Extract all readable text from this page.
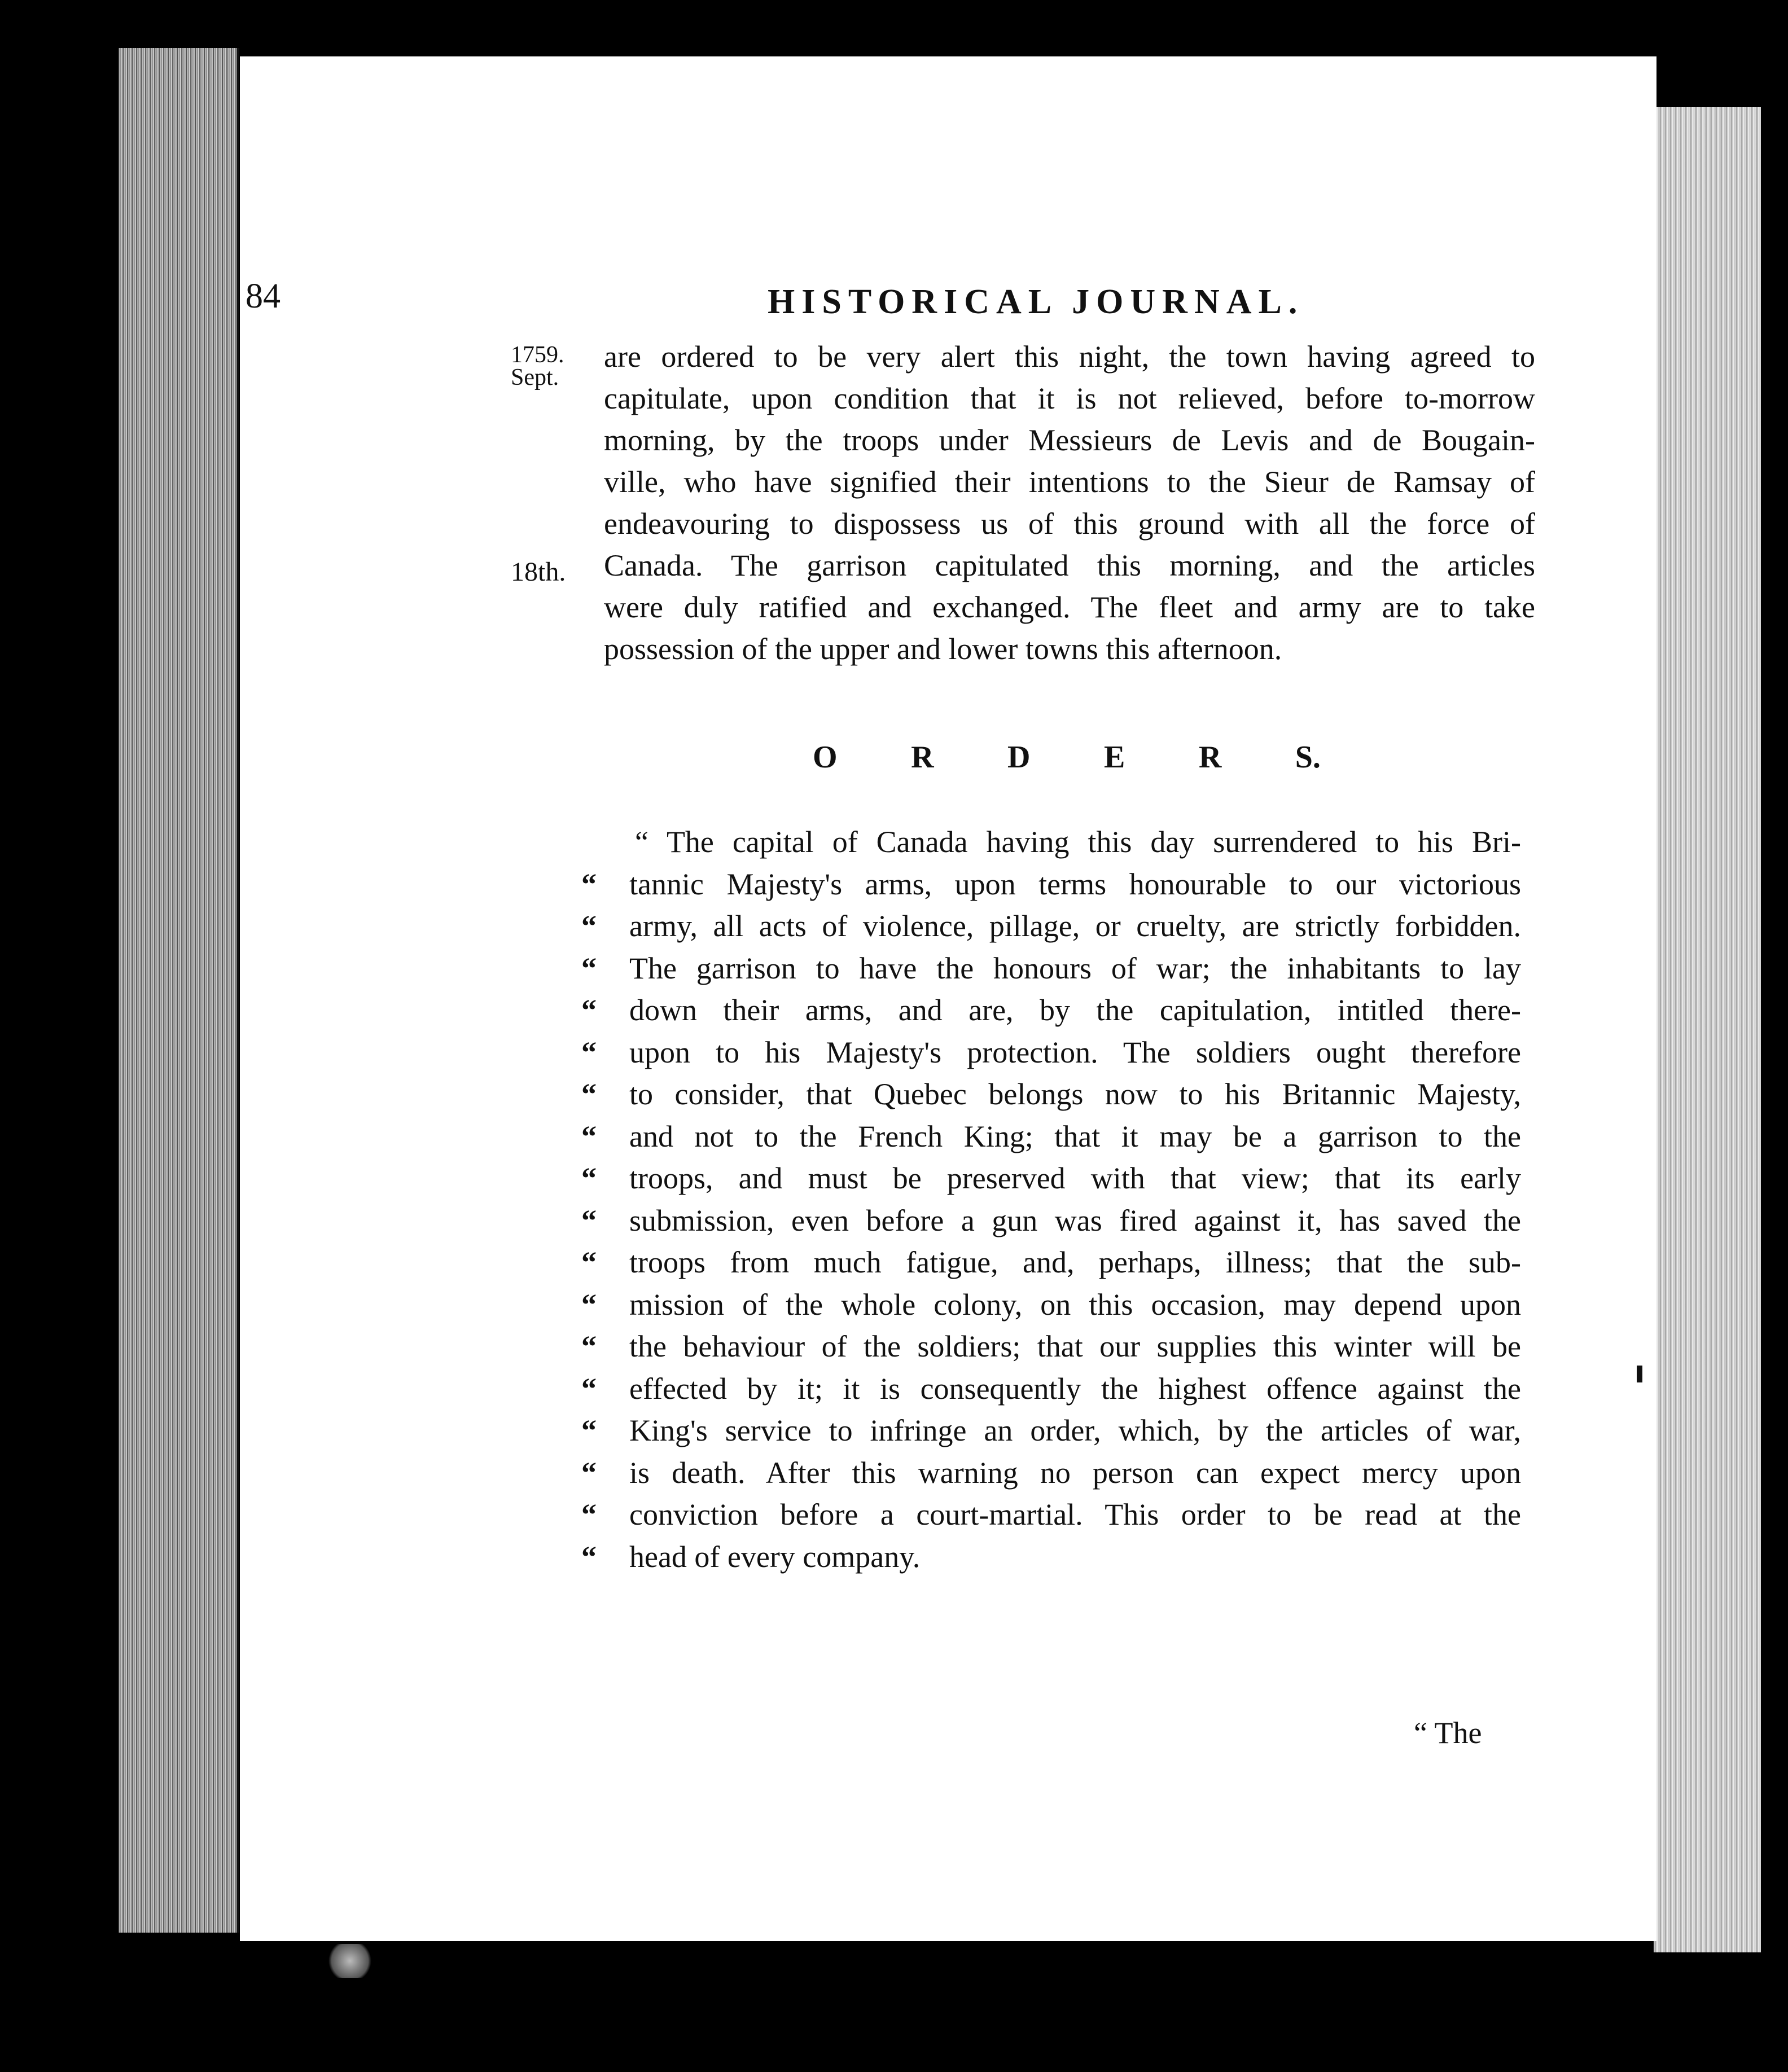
84	HISTORICAL JOURNAL.
1759.
Sept.
18th.
are ordered to be very alert this night, the town having agreed to
capitulate, upon condition that it is not relieved, before to-morrow
morning, by the troops under Messieurs de Levis and de Bougain-
ville, who have signified their intentions to the Sieur de Ramsay of
endeavouring to dispossess us of this ground with all the force of
Canada. The garrison capitulated this morning, and the articles
were duly ratified and exchanged. The fleet and army are to take
possession of the upper and lower towns this afternoon.
O R D E R S.
“ The capital of Canada having this day surrendered to his Bri-
“	tannic Majesty's arms, upon terms honourable to our victorious
“	army, all acts of violence, pillage, or cruelty, are strictly forbidden.
“	The garrison to have the honours of war; the inhabitants to lay
“	down their arms, and are, by the capitulation, intitled there-
“	upon to his Majesty's protection. The soldiers ought therefore
“	to consider, that Quebec belongs now to his Britannic Majesty,
“	and not to the French King; that it may be a garrison to the
“	troops, and must be preserved with that view; that its early
“	submission, even before a gun was fired against it, has saved the
“	troops from much fatigue, and, perhaps, illness; that the sub-
“	mission of the whole colony, on this occasion, may depend upon
“	the behaviour of the soldiers; that our supplies this winter will be
“	effected by it; it is consequently the highest offence against the
“	King's service to infringe an order, which, by the articles of war,
“	is death. After this warning no person can expect mercy upon
“	conviction before a court-martial. This order to be read at the
“	head of every company.
“ The
